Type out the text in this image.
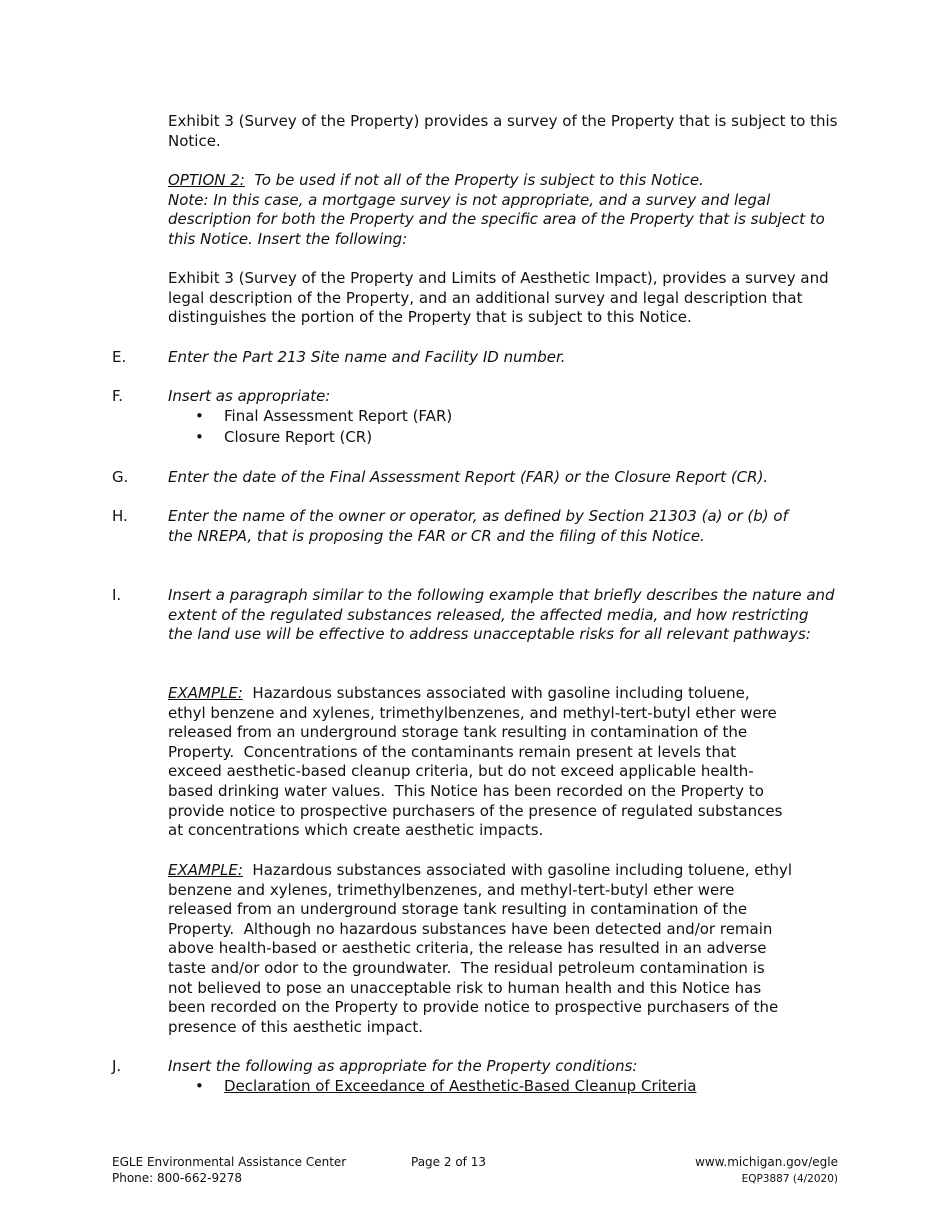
Exhibit 3 (Survey of the Property) provides a survey of the Property that is subject to this Notice.

OPTION 2:  To be used if not all of the Property is subject to this Notice.
Note: In this case, a mortgage survey is not appropriate, and a survey and legal description for both the Property and the specific area of the Property that is subject to this Notice. Insert the following:

Exhibit 3 (Survey of the Property and Limits of Aesthetic Impact), provides a survey and legal description of the Property, and an additional survey and legal description that distinguishes the portion of the Property that is subject to this Notice.

E.	Enter the Part 213 Site name and Facility ID number.

F.	Insert as appropriate:

• Final Assessment Report (FAR)
• Closure Report (CR)

G.	Enter the date of the Final Assessment Report (FAR) or the Closure Report (CR).

H.	Enter the name of the owner or operator, as defined by Section 21303 (a) or (b) of the NREPA, that is proposing the FAR or CR and the filing of this Notice.

I.	Insert a paragraph similar to the following example that briefly describes the nature and extent of the regulated substances released, the affected media, and how restricting the land use will be effective to address unacceptable risks for all relevant pathways:

EXAMPLE:  Hazardous substances associated with gasoline including toluene, ethyl benzene and xylenes, trimethylbenzenes, and methyl-tert-butyl ether were released from an underground storage tank resulting in contamination of the Property.  Concentrations of the contaminants remain present at levels that exceed aesthetic-based cleanup criteria, but do not exceed applicable health-based drinking water values.  This Notice has been recorded on the Property to provide notice to prospective purchasers of the presence of regulated substances at concentrations which create aesthetic impacts.

EXAMPLE:  Hazardous substances associated with gasoline including toluene, ethyl benzene and xylenes, trimethylbenzenes, and methyl-tert-butyl ether were released from an underground storage tank resulting in contamination of the Property.  Although no hazardous substances have been detected and/or remain above health-based or aesthetic criteria, the release has resulted in an adverse taste and/or odor to the groundwater.  The residual petroleum contamination is not believed to pose an unacceptable risk to human health and this Notice has been recorded on the Property to provide notice to prospective purchasers of the presence of this aesthetic impact.

J.	Insert the following as appropriate for the Property conditions:

• Declaration of Exceedance of Aesthetic-Based Cleanup Criteria
EGLE Environmental Assistance Center
Phone: 800-662-9278
Page 2 of 13	www.michigan.gov/egle
EQP3887 (4/2020)
